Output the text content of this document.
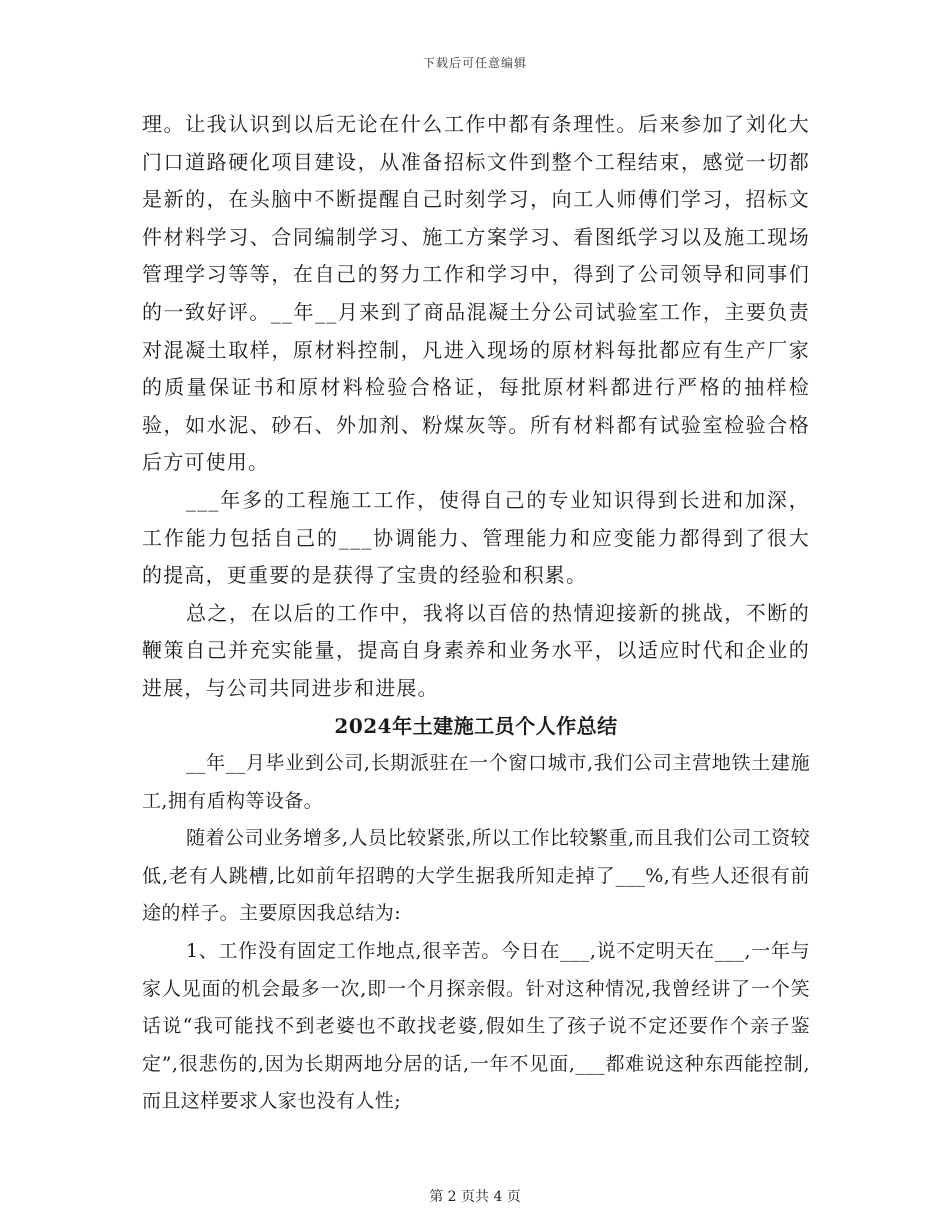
下载后可任意编辑

理。让我认识到以后无论在什么工作中都有条理性。后来参加了刘化大门口道路硬化项目建设，从准备招标文件到整个工程结束，感觉一切都是新的，在头脑中不断提醒自己时刻学习，向工人师傅们学习，招标文件材料学习、合同编制学习、施工方案学习、看图纸学习以及施工现场管理学习等等，在自己的努力工作和学习中，得到了公司领导和同事们的一致好评。__年__月来到了商品混凝土分公司试验室工作，主要负责对混凝土取样，原材料控制，凡进入现场的原材料每批都应有生产厂家的质量保证书和原材料检验合格证，每批原材料都进行严格的抽样检验，如水泥、砂石、外加剂、粉煤灰等。所有材料都有试验室检验合格后方可使用。

___年多的工程施工工作，使得自己的专业知识得到长进和加深，工作能力包括自己的___协调能力、管理能力和应变能力都得到了很大的提高，更重要的是获得了宝贵的经验和积累。

总之，在以后的工作中，我将以百倍的热情迎接新的挑战，不断的鞭策自己并充实能量，提高自身素养和业务水平，以适应时代和企业的进展，与公司共同进步和进展。

2024年土建施工员个人作总结

__年__月毕业到公司,长期派驻在一个窗口城市,我们公司主营地铁土建施工,拥有盾构等设备。

随着公司业务增多,人员比较紧张,所以工作比较繁重,而且我们公司工资较低,老有人跳槽,比如前年招聘的大学生据我所知走掉了___%,有些人还很有前途的样子。主要原因我总结为:

1、工作没有固定工作地点,很辛苦。今日在___,说不定明天在___,一年与家人见面的机会最多一次,即一个月探亲假。针对这种情况,我曾经讲了一个笑话说“我可能找不到老婆也不敢找老婆,假如生了孩子说不定还要作个亲子鉴定”,很悲伤的,因为长期两地分居的话,一年不见面,___都难说这种东西能控制,而且这样要求人家也没有人性;

第 2 页共 4 页
